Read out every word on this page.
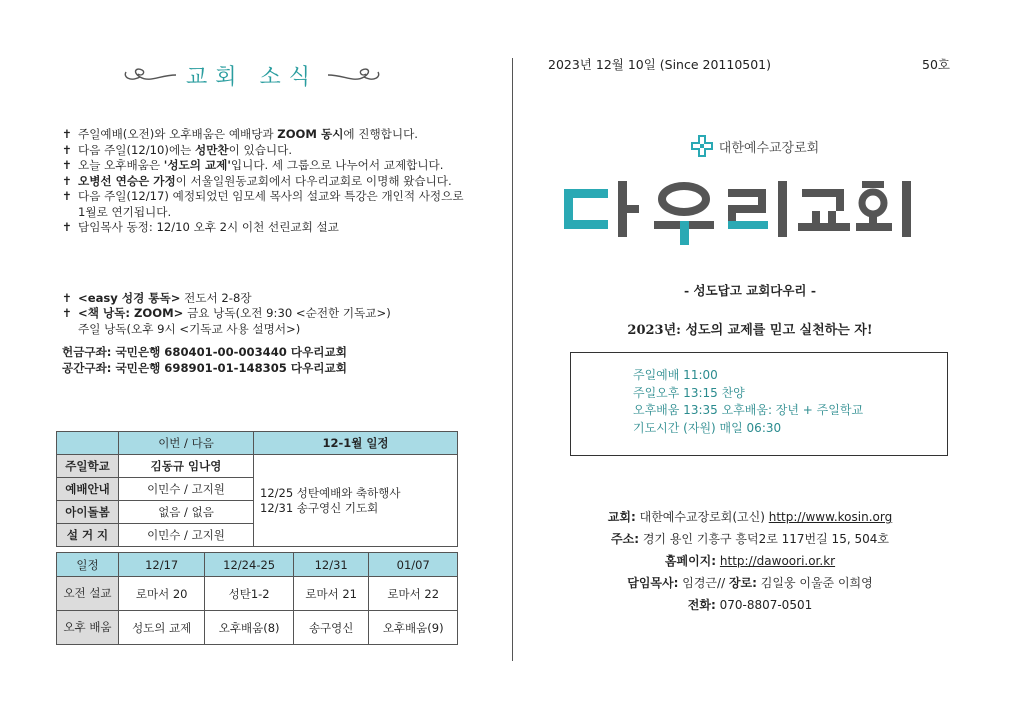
교회 소식
✝ 주일예배(오전)와 오후배움은 예배당과 ZOOM 동시에 진행합니다.
✝ 다음 주일(12/10)에는 성만찬이 있습니다.
✝ 오늘 오후배움은 '성도의 교제'입니다. 세 그룹으로 나누어서 교제합니다.
✝ 오병선 연승은 가정이 서울일원동교회에서 다우리교회로 이명해 왔습니다.
✝ 다음 주일(12/17) 예정되었던 임모세 목사의 설교와 특강은 개인적 사정으로 1월로 연기됩니다.
✝ 담임목사 동정: 12/10 오후 2시 이천 선린교회 설교
✝ <easy 성경 통독> 전도서 2-8장
✝ <책 낭독: ZOOM> 금요 낭독(오전 9:30 <순전한 기독교>)
주일 낭독(오후 9시 <기독교 사용 설명서>)
헌금구좌: 국민은행 680401-00-003440 다우리교회
공간구좌: 국민은행 698901-01-148305 다우리교회
	이번 / 다음	12-1월 일정
주일학교	김동규 임나영	12/25 성탄예배와 축하행사
12/31 송구영신 기도회

예배안내	이민수 / 고지원	
아이돌봄	없음 / 없음	
설 거 지	이민수 / 고지원	
일정	12/17	12/24-25	12/31	01/07
오전 설교	로마서 20	성탄1-2	로마서 21	로마서 22
오후 배움	성도의 교제	오후배움(8)	송구영신	오후배움(9)
2023년 12월 10일 (Since 20110501)	50호
대한예수교장로회
- 성도답고 교회다우리 -
2023년: 성도의 교제를 믿고 실천하는 자!
주일예배 11:00
주일오후 13:15 찬양
오후배움 13:35 오후배움: 장년 + 주일학교
기도시간 (자원) 매일 06:30
교회: 대한예수교장로회(고신) http://www.kosin.org
주소: 경기 용인 기흥구 흥덕2로 117번길 15, 504호
홈페이지: http://dawoori.or.kr
담임목사: 임경근// 장로: 김일웅 이울준 이희영
전화: 070-8807-0501
